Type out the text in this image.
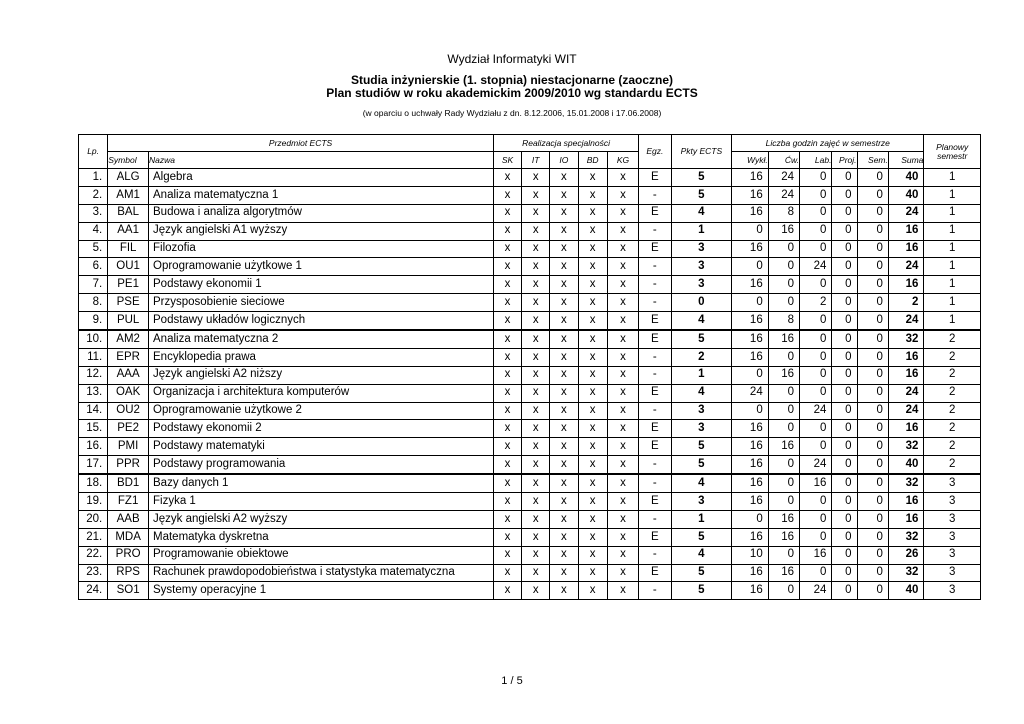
Wydział Informatyki WIT
Studia inżynierskie (1. stopnia) niestacjonarne (zaoczne)
Plan studiów w roku akademickim 2009/2010 wg standardu ECTS
(w oparciu o uchwały Rady Wydziału z dn. 8.12.2006, 15.01.2008 i 17.06.2008)
Lp.	Przedmiot ECTS		Realizacja specjalności					Egz.	Pkty ECTS	Liczba godzin zajęć w semestrze						Planowy
semestr
	Symbol	Nazwa	SK	IT	IO	BD	KG			Wykł.	Ćw.	Lab.	Proj.	Sem.	Suma	
1.	ALG	Algebra	x	x	x	x	x	E	5	16	24	0	0	0	40	1
2.	AM1	Analiza matematyczna 1	x	x	x	x	x	-	5	16	24	0	0	0	40	1
3.	BAL	Budowa i analiza algorytmów	x	x	x	x	x	E	4	16	8	0	0	0	24	1
4.	AA1	Język angielski A1 wyższy	x	x	x	x	x	-	1	0	16	0	0	0	16	1
5.	FIL	Filozofia	x	x	x	x	x	E	3	16	0	0	0	0	16	1
6.	OU1	Oprogramowanie użytkowe 1	x	x	x	x	x	-	3	0	0	24	0	0	24	1
7.	PE1	Podstawy ekonomii 1	x	x	x	x	x	-	3	16	0	0	0	0	16	1
8.	PSE	Przysposobienie sieciowe	x	x	x	x	x	-	0	0	0	2	0	0	2	1
9.	PUL	Podstawy układów logicznych	x	x	x	x	x	E	4	16	8	0	0	0	24	1
10.	AM2	Analiza matematyczna 2	x	x	x	x	x	E	5	16	16	0	0	0	32	2
11.	EPR	Encyklopedia prawa	x	x	x	x	x	-	2	16	0	0	0	0	16	2
12.	AAA	Język angielski A2 niższy	x	x	x	x	x	-	1	0	16	0	0	0	16	2
13.	OAK	Organizacja i architektura komputerów	x	x	x	x	x	E	4	24	0	0	0	0	24	2
14.	OU2	Oprogramowanie użytkowe 2	x	x	x	x	x	-	3	0	0	24	0	0	24	2
15.	PE2	Podstawy ekonomii 2	x	x	x	x	x	E	3	16	0	0	0	0	16	2
16.	PMI	Podstawy matematyki	x	x	x	x	x	E	5	16	16	0	0	0	32	2
17.	PPR	Podstawy programowania	x	x	x	x	x	-	5	16	0	24	0	0	40	2
18.	BD1	Bazy danych 1	x	x	x	x	x	-	4	16	0	16	0	0	32	3
19.	FZ1	Fizyka 1	x	x	x	x	x	E	3	16	0	0	0	0	16	3
20.	AAB	Język angielski A2 wyższy	x	x	x	x	x	-	1	0	16	0	0	0	16	3
21.	MDA	Matematyka dyskretna	x	x	x	x	x	E	5	16	16	0	0	0	32	3
22.	PRO	Programowanie obiektowe	x	x	x	x	x	-	4	10	0	16	0	0	26	3
23.	RPS	Rachunek prawdopodobieństwa i statystyka matematyczna	x	x	x	x	x	E	5	16	16	0	0	0	32	3
24.	SO1	Systemy operacyjne 1	x	x	x	x	x	-	5	16	0	24	0	0	40	3
1 / 5
